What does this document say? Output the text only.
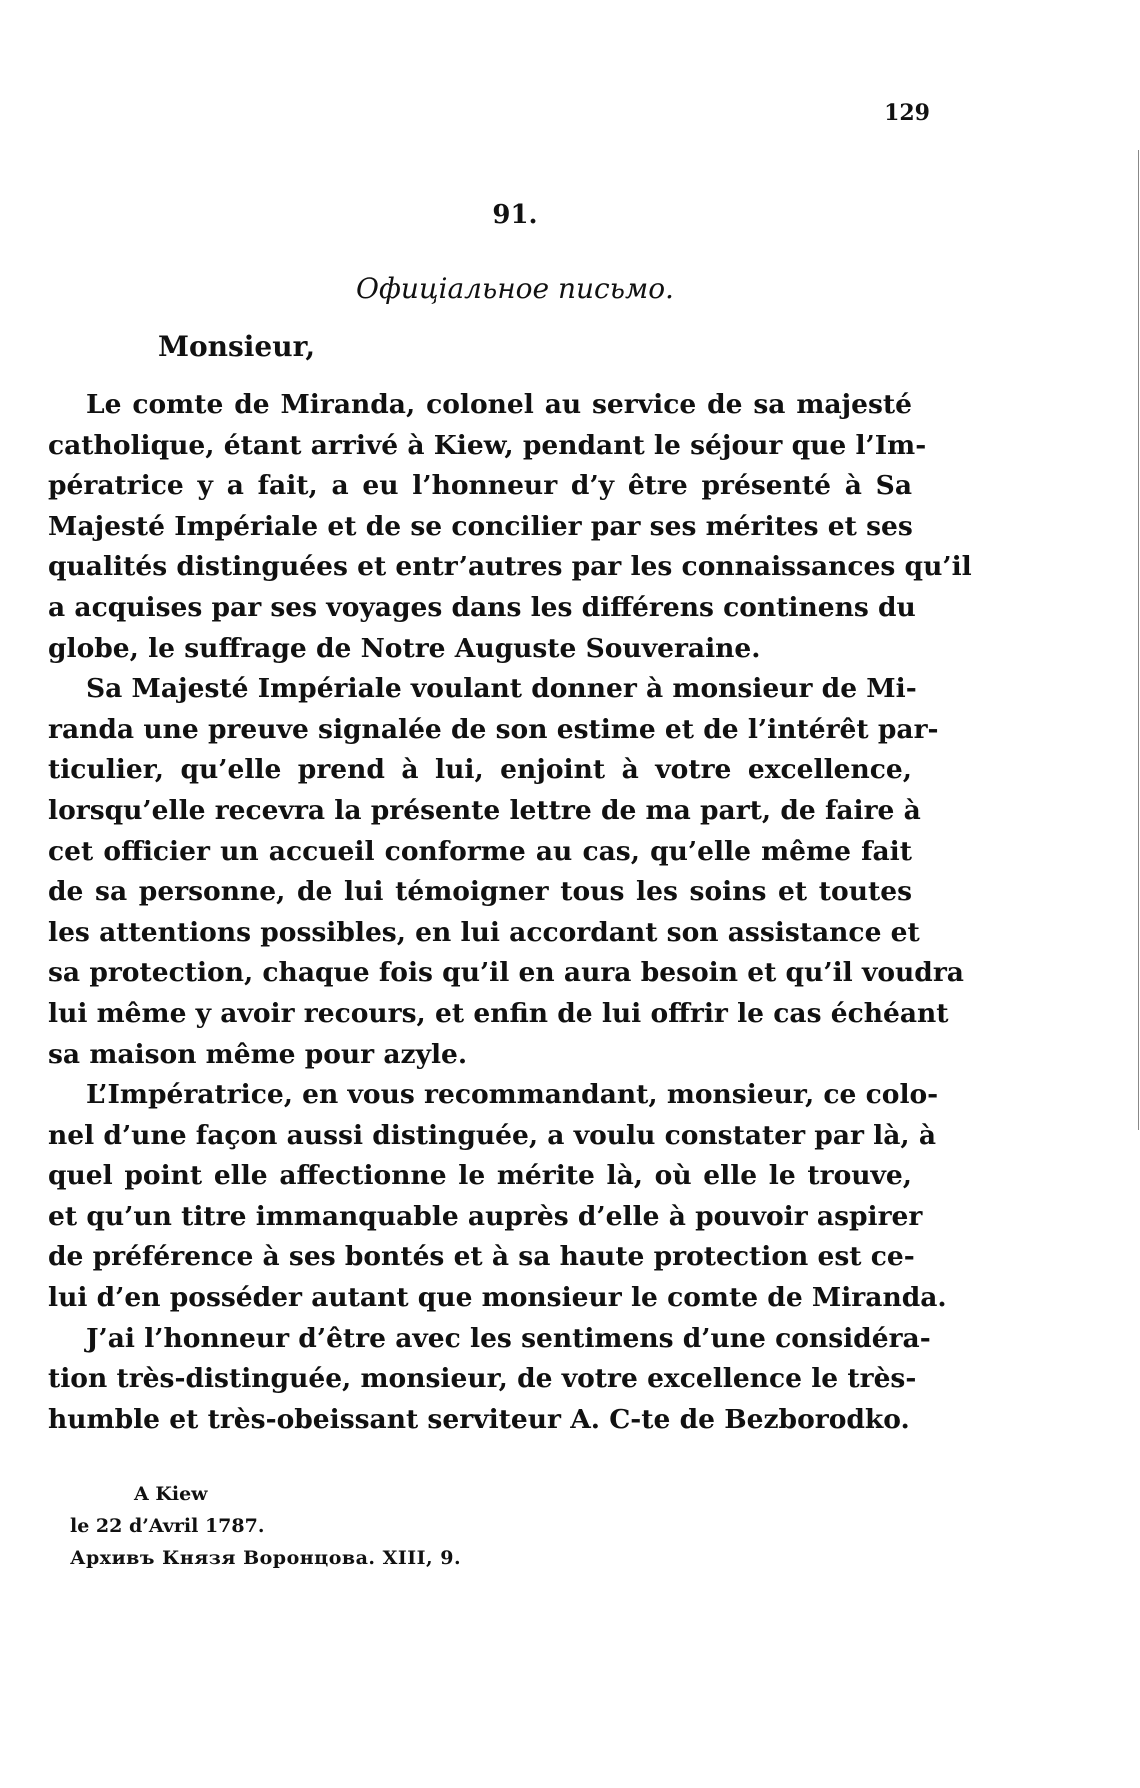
129
91.
Офиціальное письмо.
Monsieur,
Le comte de Miranda, colonel au service de sa majesté
catholique, étant arrivé à Kiew, pendant le séjour que l’Im-
pératrice y a fait, a eu l’honneur d’y être présenté à Sa
Majesté Impériale et de se concilier par ses mérites et ses
qualités distinguées et entr’autres par les connaissances qu’il
a acquises par ses voyages dans les différens continens du
globe, le suffrage de Notre Auguste Souveraine.
Sa Majesté Impériale voulant donner à monsieur de Mi-
randa une preuve signalée de son estime et de l’intérêt par-
ticulier, qu’elle prend à lui, enjoint à votre excellence,
lorsqu’elle recevra la présente lettre de ma part, de faire à
cet officier un accueil conforme au cas, qu’elle même fait
de sa personne, de lui témoigner tous les soins et toutes
les attentions possibles, en lui accordant son assistance et
sa protection, chaque fois qu’il en aura besoin et qu’il voudra
lui même y avoir recours, et enfin de lui offrir le cas échéant
sa maison même pour azyle.
L’Impératrice, en vous recommandant, monsieur, ce colo-
nel d’une façon aussi distinguée, a voulu constater par là, à
quel point elle affectionne le mérite là, où elle le trouve,
et qu’un titre immanquable auprès d’elle à pouvoir aspirer
de préférence à ses bontés et à sa haute protection est ce-
lui d’en posséder autant que monsieur le comte de Miranda.
J’ai l’honneur d’être avec les sentimens d’une considéra-
tion très-distinguée, monsieur, de votre excellence le très-
humble et très-obeissant serviteur A. C-te de Bezborodko.
A Kiew
le 22 d’Avril 1787.
Архивъ Князя Воронцова. XIII, 9.
